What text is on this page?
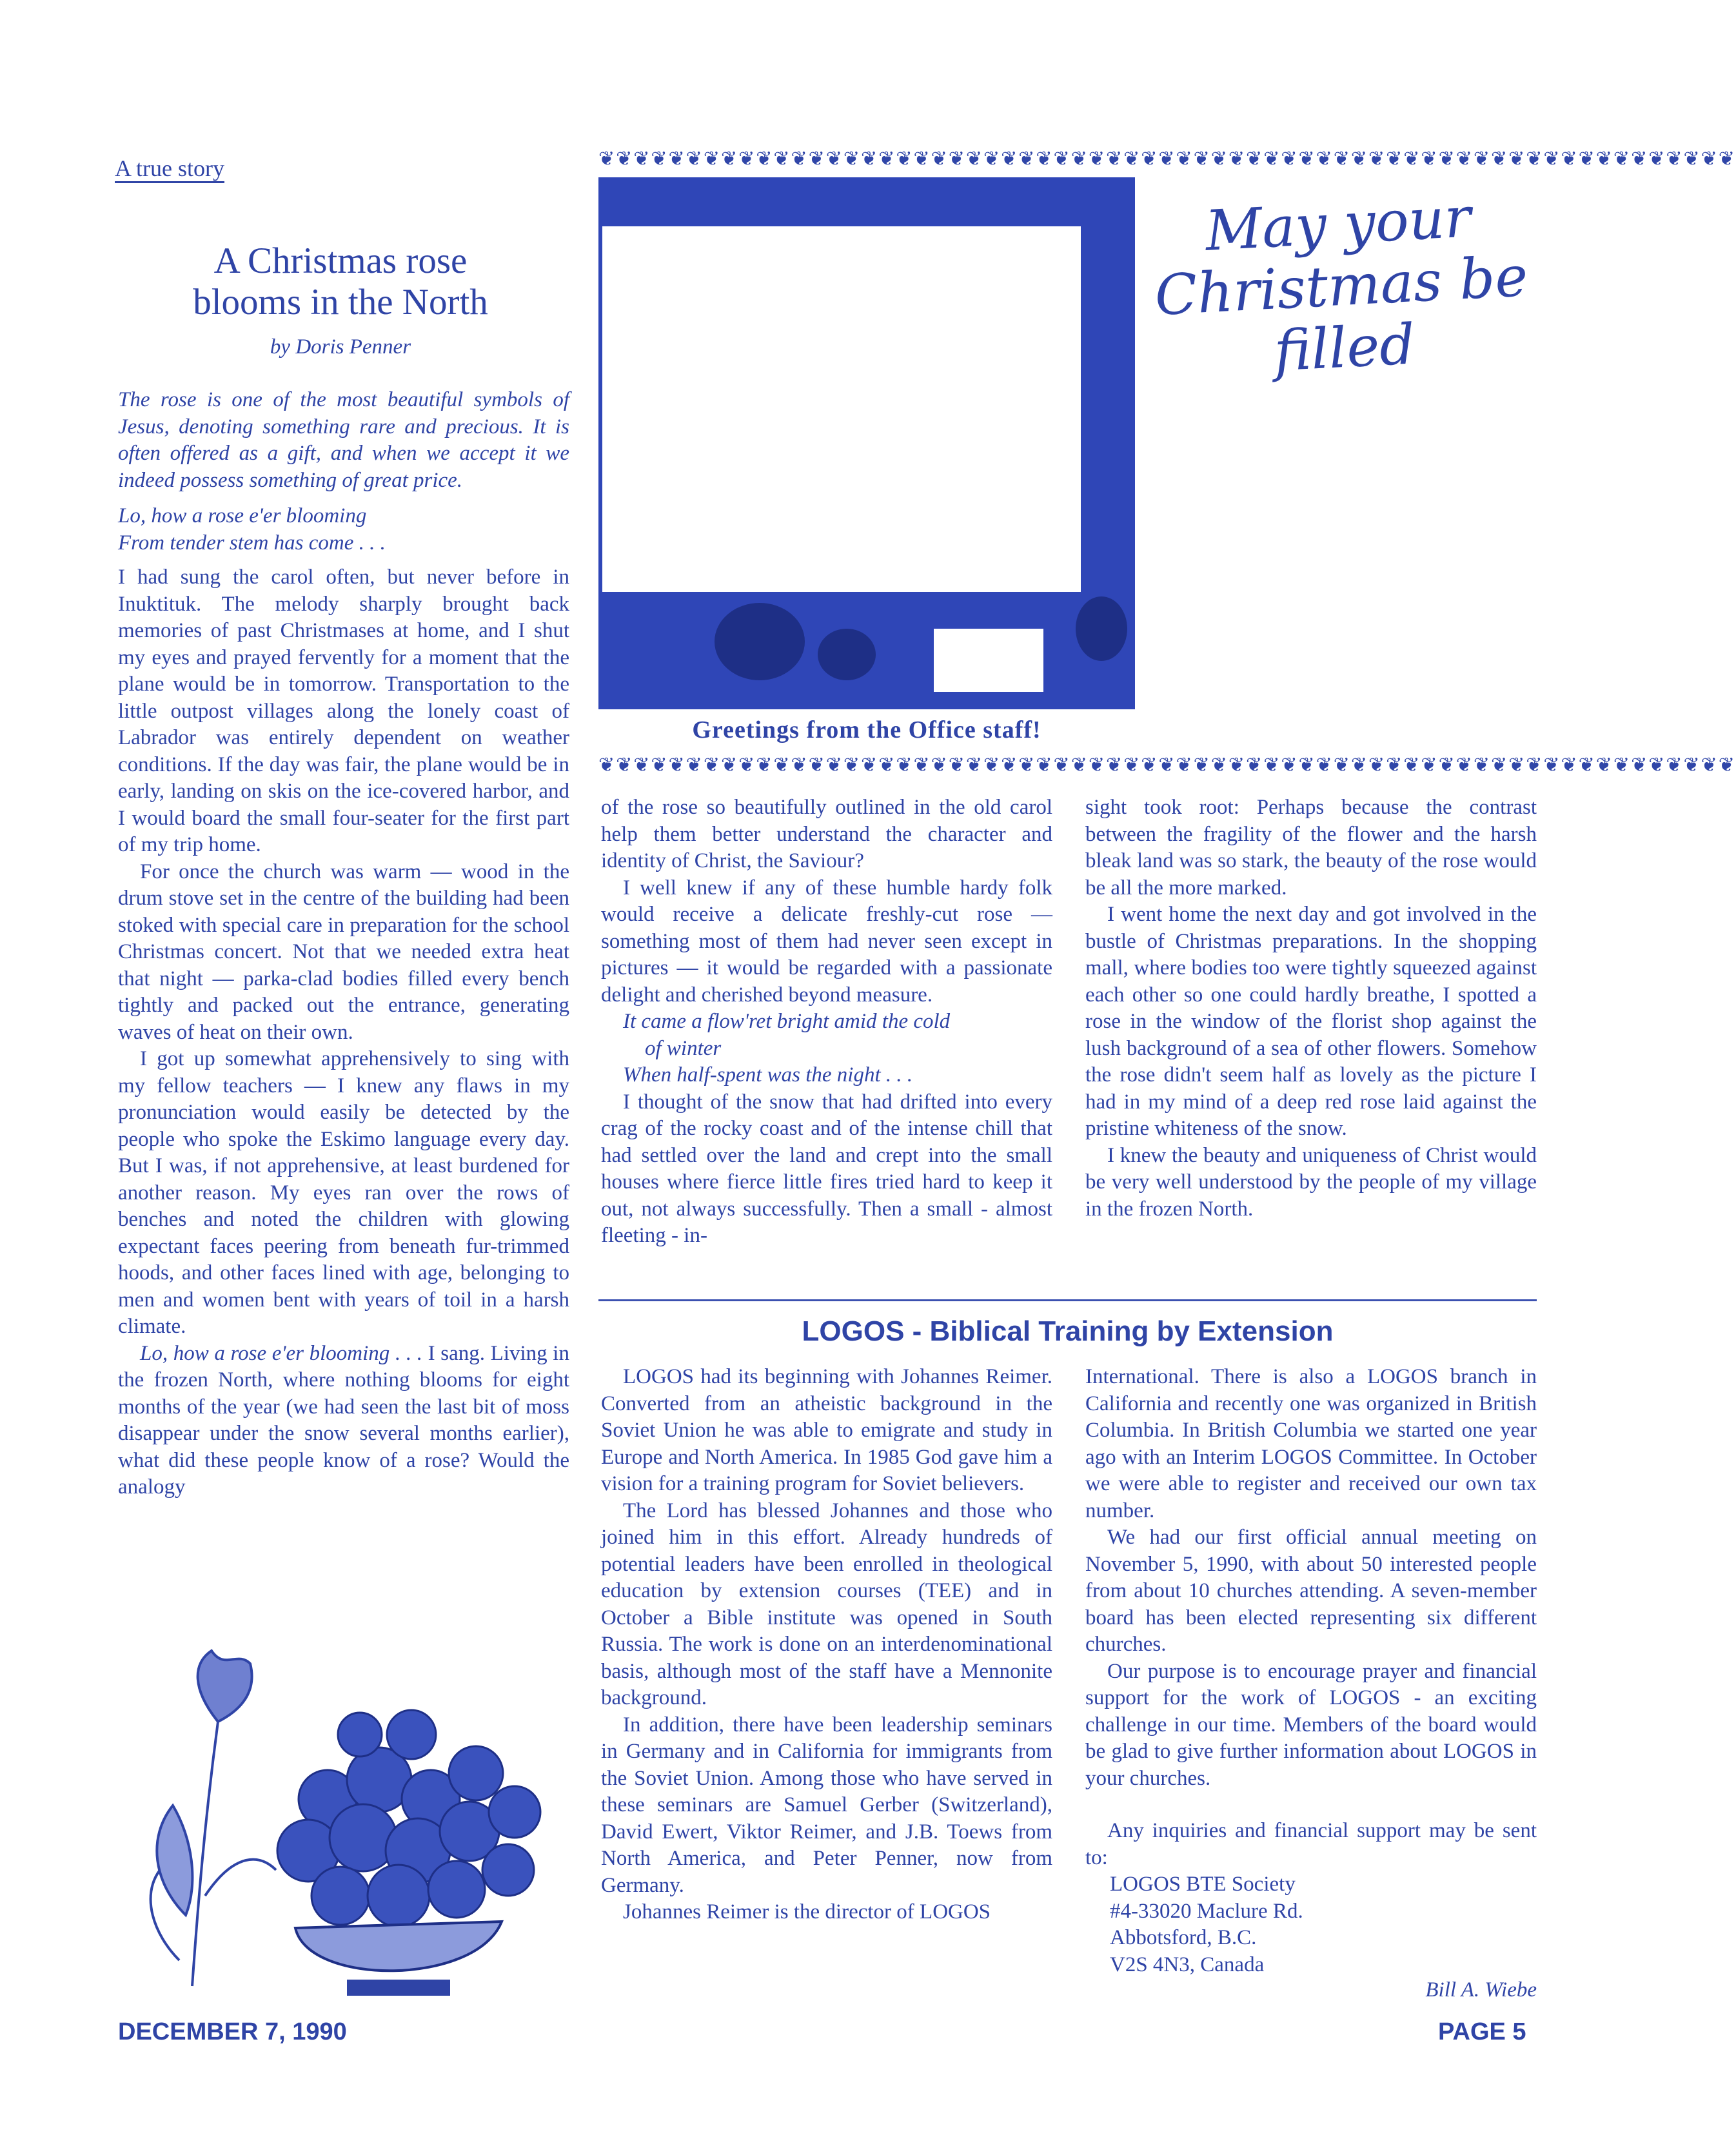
A true story
A Christmas rose
blooms in the North
by Doris Penner

The rose is one of the most beautiful symbols of Jesus, denoting something rare and precious. It is often offered as a gift, and when we accept it we indeed possess something of great price.

Lo, how a rose e'er blooming
From tender stem has come . . .

I had sung the carol often, but never before in Inuktituk. The melody sharply brought back memories of past Christmases at home, and I shut my eyes and prayed fervently for a moment that the plane would be in tomorrow. Transportation to the little outpost villages along the lonely coast of Labrador was entirely dependent on weather conditions. If the day was fair, the plane would be in early, landing on skis on the ice-covered harbor, and I would board the small four-seater for the first part of my trip home.

For once the church was warm — wood in the drum stove set in the centre of the building had been stoked with special care in preparation for the school Christmas concert. Not that we needed extra heat that night — parka-clad bodies filled every bench tightly and packed out the entrance, generating waves of heat on their own.

I got up somewhat apprehensively to sing with my fellow teachers — I knew any flaws in my pronunciation would easily be detected by the people who spoke the Eskimo language every day. But I was, if not apprehensive, at least burdened for another reason. My eyes ran over the rows of benches and noted the children with glowing expectant faces peering from beneath fur-trimmed hoods, and other faces lined with age, belonging to men and women bent with years of toil in a harsh climate.

Lo, how a rose e'er blooming . . . I sang. Living in the frozen North, where nothing blooms for eight months of the year (we had seen the last bit of moss disappear under the snow several months earlier), what did these people know of a rose? Would the analogy

❦❦❦❦❦❦❦❦❦❦❦❦❦❦❦❦❦❦❦❦❦❦❦❦❦❦❦❦❦❦❦❦❦❦❦❦❦❦❦❦❦❦❦❦❦❦❦❦❦❦❦❦❦❦❦❦❦❦❦❦❦❦❦❦❦
Greetings from the Office staff!
May your
Christmas be filled
❦❦❦❦❦❦❦❦❦❦❦❦❦❦❦❦❦❦❦❦❦❦❦❦❦❦❦❦❦❦❦❦❦❦❦❦❦❦❦❦❦❦❦❦❦❦❦❦❦❦❦❦❦❦❦❦❦❦❦❦❦❦❦❦❦

of the rose so beautifully outlined in the old carol help them better understand the character and identity of Christ, the Saviour?

I well knew if any of these humble hardy folk would receive a delicate freshly-cut rose — something most of them had never seen except in pictures — it would be regarded with a passionate delight and cherished beyond measure.

It came a flow'ret bright amid the cold
of winter
When half-spent was the night . . .

I thought of the snow that had drifted into every crag of the rocky coast and of the intense chill that had settled over the land and crept into the small houses where fierce little fires tried hard to keep it out, not always successfully. Then a small - almost fleeting - in-

sight took root: Perhaps because the contrast between the fragility of the flower and the harsh bleak land was so stark, the beauty of the rose would be all the more marked.

I went home the next day and got involved in the bustle of Christmas preparations. In the shopping mall, where bodies too were tightly squeezed against each other so one could hardly breathe, I spotted a rose in the window of the florist shop against the lush background of a sea of other flowers. Somehow the rose didn't seem half as lovely as the picture I had in my mind of a deep red rose laid against the pristine whiteness of the snow.

I knew the beauty and uniqueness of Christ would be very well understood by the people of my village in the frozen North.

LOGOS - Biblical Training by Extension

LOGOS had its beginning with Johannes Reimer. Converted from an atheistic background in the Soviet Union he was able to emigrate and study in Europe and North America. In 1985 God gave him a vision for a training program for Soviet believers.

The Lord has blessed Johannes and those who joined him in this effort. Already hundreds of potential leaders have been enrolled in theological education by extension courses (TEE) and in October a Bible institute was opened in South Russia. The work is done on an interdenominational basis, although most of the staff have a Mennonite background.

In addition, there have been leadership seminars in Germany and in California for immigrants from the Soviet Union. Among those who have served in these seminars are Samuel Gerber (Switzerland), David Ewert, Viktor Reimer, and J.B. Toews from North America, and Peter Penner, now from Germany.

Johannes Reimer is the director of LOGOS

International. There is also a LOGOS branch in California and recently one was organized in British Columbia. In British Columbia we started one year ago with an Interim LOGOS Committee. In October we were able to register and received our own tax number.

We had our first official annual meeting on November 5, 1990, with about 50 interested people from about 10 churches attending. A seven-member board has been elected representing six different churches.

Our purpose is to encourage prayer and financial support for the work of LOGOS - an exciting challenge in our time. Members of the board would be glad to give further information about LOGOS in your churches.

Any inquiries and financial support may be sent to:

LOGOS BTE Society
#4-33020 Maclure Rd.
Abbotsford, B.C.
V2S 4N3, Canada
Bill A. Wiebe
DECEMBER 7, 1990	PAGE 5
